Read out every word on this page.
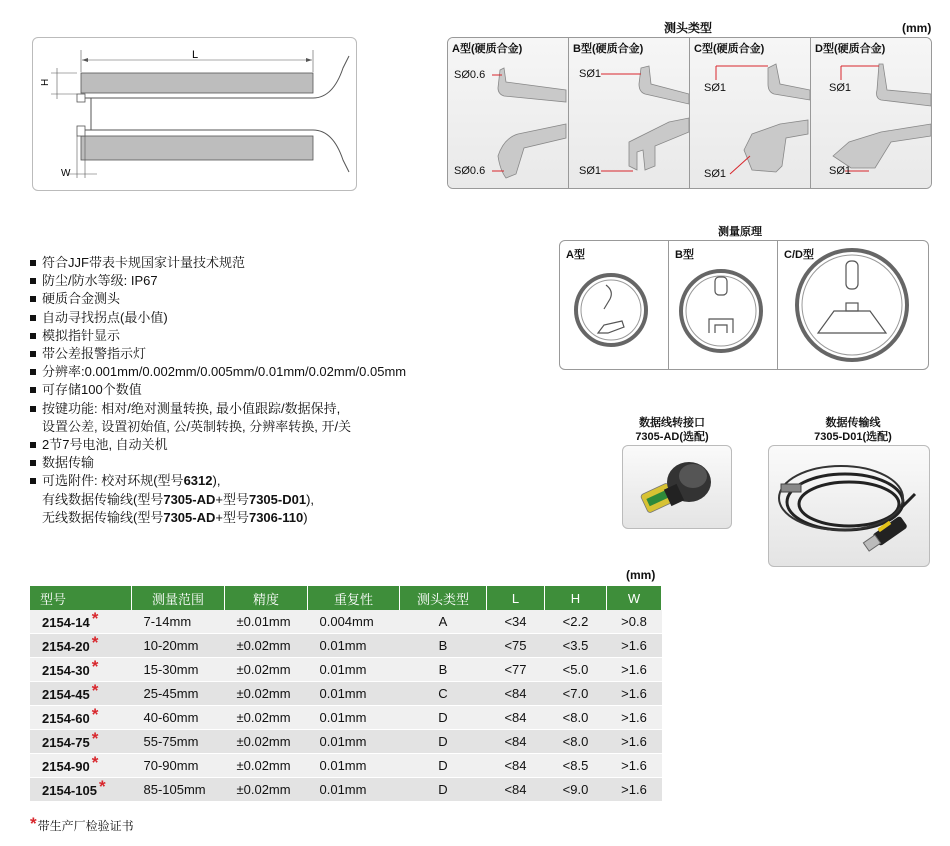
L
H
W
测头类型	(mm)
A型(硬质合金)
SØ0.6
SØ0.6
B型(硬质合金)
SØ1
SØ1
C型(硬质合金)
SØ1
SØ1
D型(硬质合金)
SØ1
SØ1
测量原理
A型	B型	C/D型
符合JJF带表卡规国家计量技术规范
防尘/防水等级: IP67
硬质合金测头
自动寻找拐点(最小值)
模拟指针显示
带公差报警指示灯
分辨率:0.001mm/0.002mm/0.005mm/0.01mm/0.02mm/0.05mm
可存储100个数值
按键功能: 相对/绝对测量转换, 最小值跟踪/数据保持,
设置公差, 设置初始值, 公/英制转换, 分辨率转换, 开/关
2节7号电池, 自动关机
数据传输
可选附件: 校对环规(型号6312),
有线数据传输线(型号7305-AD+型号7305-D01),
无线数据传输线(型号7305-AD+型号7306-110)
数据线转接口
7305-AD(选配)
数据传输线
7305-D01(选配)
(mm)
型号	测量范围	精度	重复性	测头类型	L	H	W
2154-14 *	7-14mm	±0.01mm	0.004mm	A	<34	<2.2	>0.8
2154-20 *	10-20mm	±0.02mm	0.01mm	B	<75	<3.5	>1.6
2154-30 *	15-30mm	±0.02mm	0.01mm	B	<77	<5.0	>1.6
2154-45 *	25-45mm	±0.02mm	0.01mm	C	<84	<7.0	>1.6
2154-60 *	40-60mm	±0.02mm	0.01mm	D	<84	<8.0	>1.6
2154-75 *	55-75mm	±0.02mm	0.01mm	D	<84	<8.0	>1.6
2154-90 *	70-90mm	±0.02mm	0.01mm	D	<84	<8.5	>1.6
2154-105 *	85-105mm	±0.02mm	0.01mm	D	<84	<9.0	>1.6
*带生产厂检验证书
